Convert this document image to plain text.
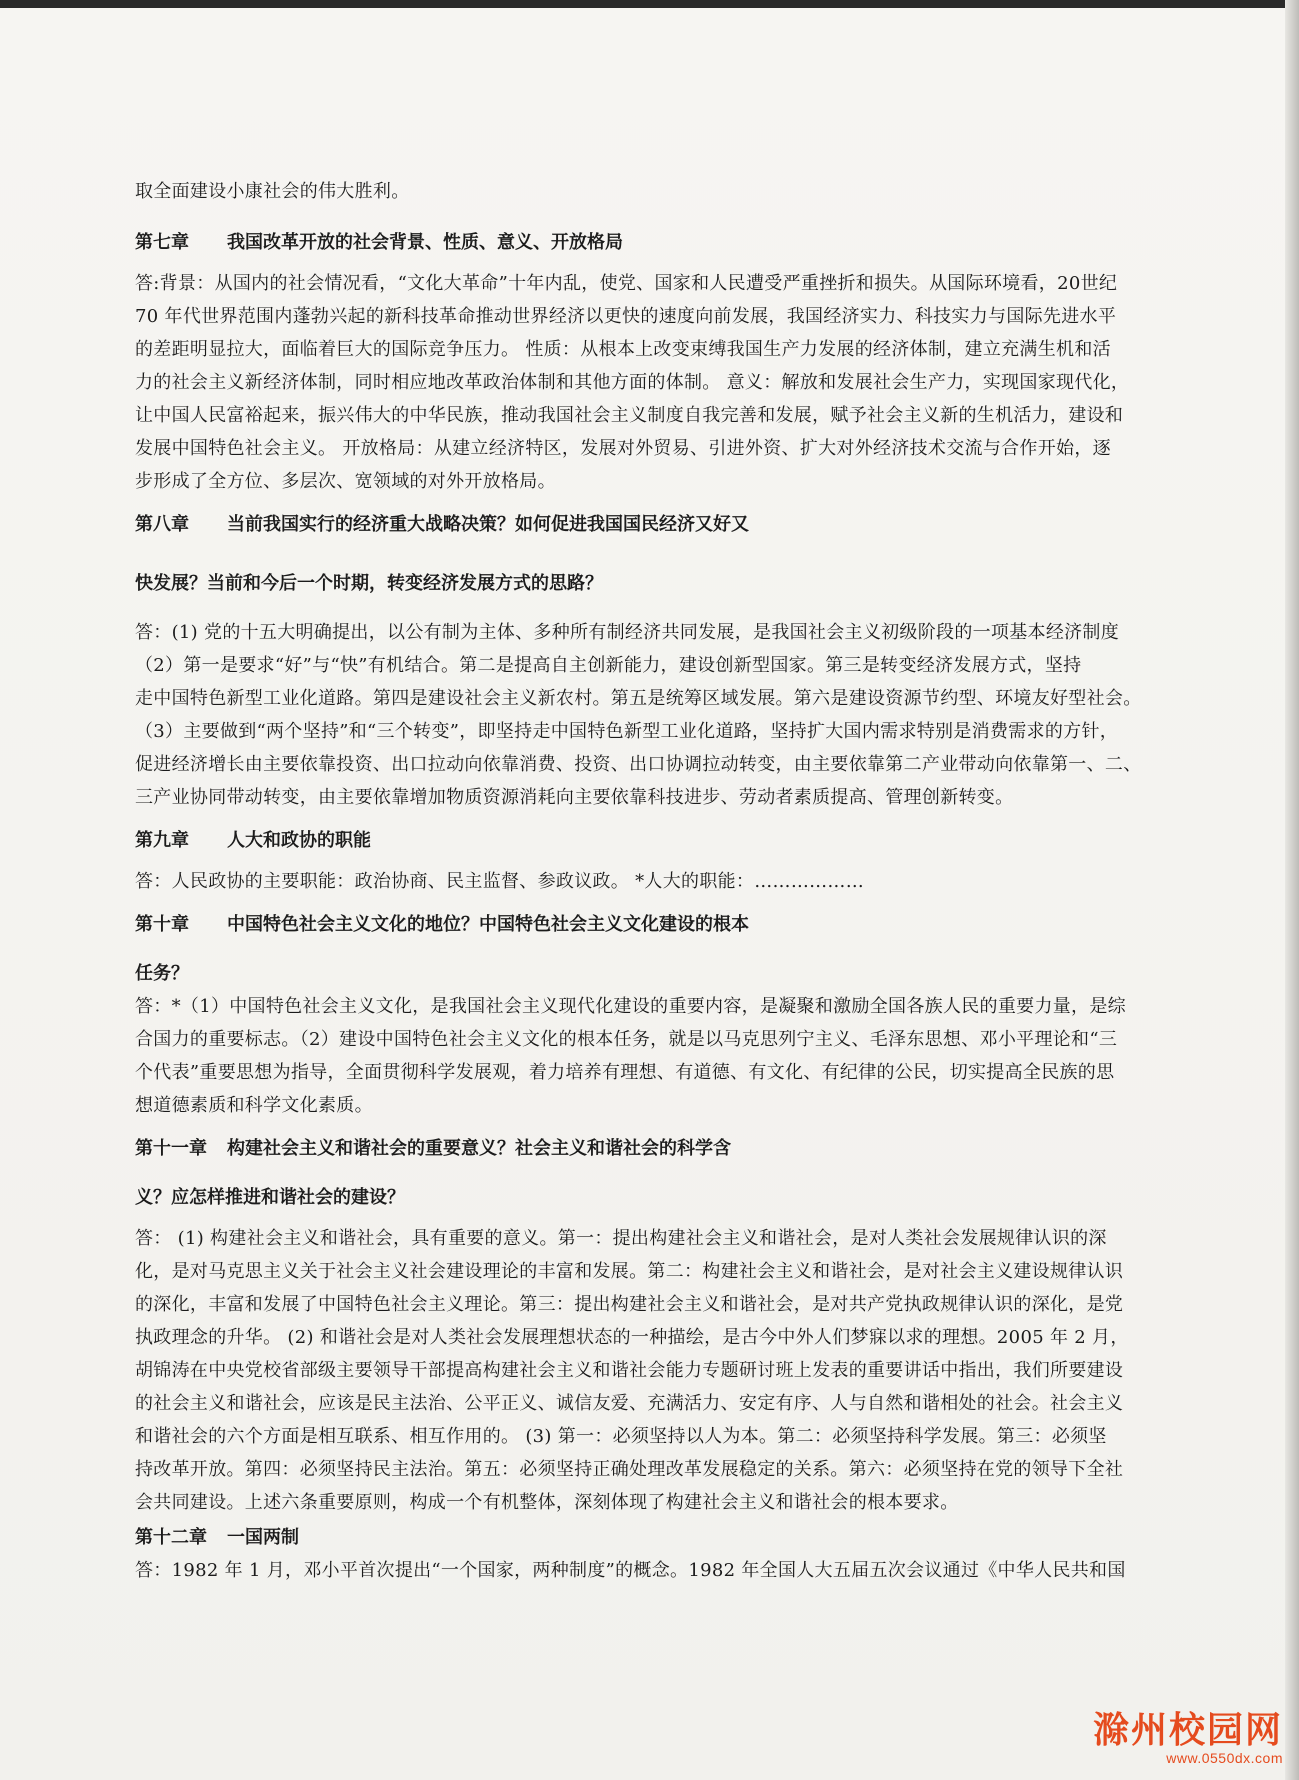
取全面建设小康社会的伟大胜利。
第七章 我国改革开放的社会背景、性质、意义、开放格局
答:背景：从国内的社会情况看，“文化大革命”十年内乱，使党、国家和人民遭受严重挫折和损失。从国际环境看，20世纪
70 年代世界范围内蓬勃兴起的新科技革命推动世界经济以更快的速度向前发展，我国经济实力、科技实力与国际先进水平
的差距明显拉大，面临着巨大的国际竞争压力。 性质：从根本上改变束缚我国生产力发展的经济体制，建立充满生机和活
力的社会主义新经济体制，同时相应地改革政治体制和其他方面的体制。 意义：解放和发展社会生产力，实现国家现代化，
让中国人民富裕起来，振兴伟大的中华民族，推动我国社会主义制度自我完善和发展，赋予社会主义新的生机活力，建设和
发展中国特色社会主义。 开放格局：从建立经济特区，发展对外贸易、引进外资、扩大对外经济技术交流与合作开始，逐
步形成了全方位、多层次、宽领域的对外开放格局。
第八章 当前我国实行的经济重大战略决策？如何促进我国国民经济又好又
快发展？当前和今后一个时期，转变经济发展方式的思路？
答：(1) 党的十五大明确提出，以公有制为主体、多种所有制经济共同发展，是我国社会主义初级阶段的一项基本经济制度
（2）第一是要求“好”与“快”有机结合。第二是提高自主创新能力，建设创新型国家。第三是转变经济发展方式，坚持
走中国特色新型工业化道路。第四是建设社会主义新农村。第五是统筹区域发展。第六是建设资源节约型、环境友好型社会。
（3）主要做到“两个坚持”和“三个转变”，即坚持走中国特色新型工业化道路，坚持扩大国内需求特别是消费需求的方针，
促进经济增长由主要依靠投资、出口拉动向依靠消费、投资、出口协调拉动转变，由主要依靠第二产业带动向依靠第一、二、
三产业协同带动转变，由主要依靠增加物质资源消耗向主要依靠科技进步、劳动者素质提高、管理创新转变。
第九章 人大和政协的职能
答：人民政协的主要职能：政治协商、民主监督、参政议政。 *人大的职能：………………
第十章 中国特色社会主义文化的地位？中国特色社会主义文化建设的根本
任务？
答：*（1）中国特色社会主义文化，是我国社会主义现代化建设的重要内容，是凝聚和激励全国各族人民的重要力量，是综
合国力的重要标志。（2）建设中国特色社会主义文化的根本任务，就是以马克思列宁主义、毛泽东思想、邓小平理论和“三
个代表”重要思想为指导，全面贯彻科学发展观，着力培养有理想、有道德、有文化、有纪律的公民，切实提高全民族的思
想道德素质和科学文化素质。
第十一章 构建社会主义和谐社会的重要意义？社会主义和谐社会的科学含
义？应怎样推进和谐社会的建设？
答： (1) 构建社会主义和谐社会，具有重要的意义。第一：提出构建社会主义和谐社会，是对人类社会发展规律认识的深
化，是对马克思主义关于社会主义社会建设理论的丰富和发展。第二：构建社会主义和谐社会，是对社会主义建设规律认识
的深化，丰富和发展了中国特色社会主义理论。第三：提出构建社会主义和谐社会，是对共产党执政规律认识的深化，是党
执政理念的升华。 (2) 和谐社会是对人类社会发展理想状态的一种描绘，是古今中外人们梦寐以求的理想。2005 年 2 月，
胡锦涛在中央党校省部级主要领导干部提高构建社会主义和谐社会能力专题研讨班上发表的重要讲话中指出，我们所要建设
的社会主义和谐社会，应该是民主法治、公平正义、诚信友爱、充满活力、安定有序、人与自然和谐相处的社会。社会主义
和谐社会的六个方面是相互联系、相互作用的。 (3) 第一：必须坚持以人为本。第二：必须坚持科学发展。第三：必须坚
持改革开放。第四：必须坚持民主法治。第五：必须坚持正确处理改革发展稳定的关系。第六：必须坚持在党的领导下全社
会共同建设。上述六条重要原则，构成一个有机整体，深刻体现了构建社会主义和谐社会的根本要求。
第十二章 一国两制
答：1982 年 1 月，邓小平首次提出“一个国家，两种制度”的概念。1982 年全国人大五届五次会议通过《中华人民共和国
滁州校园网
www.0550dx.com
